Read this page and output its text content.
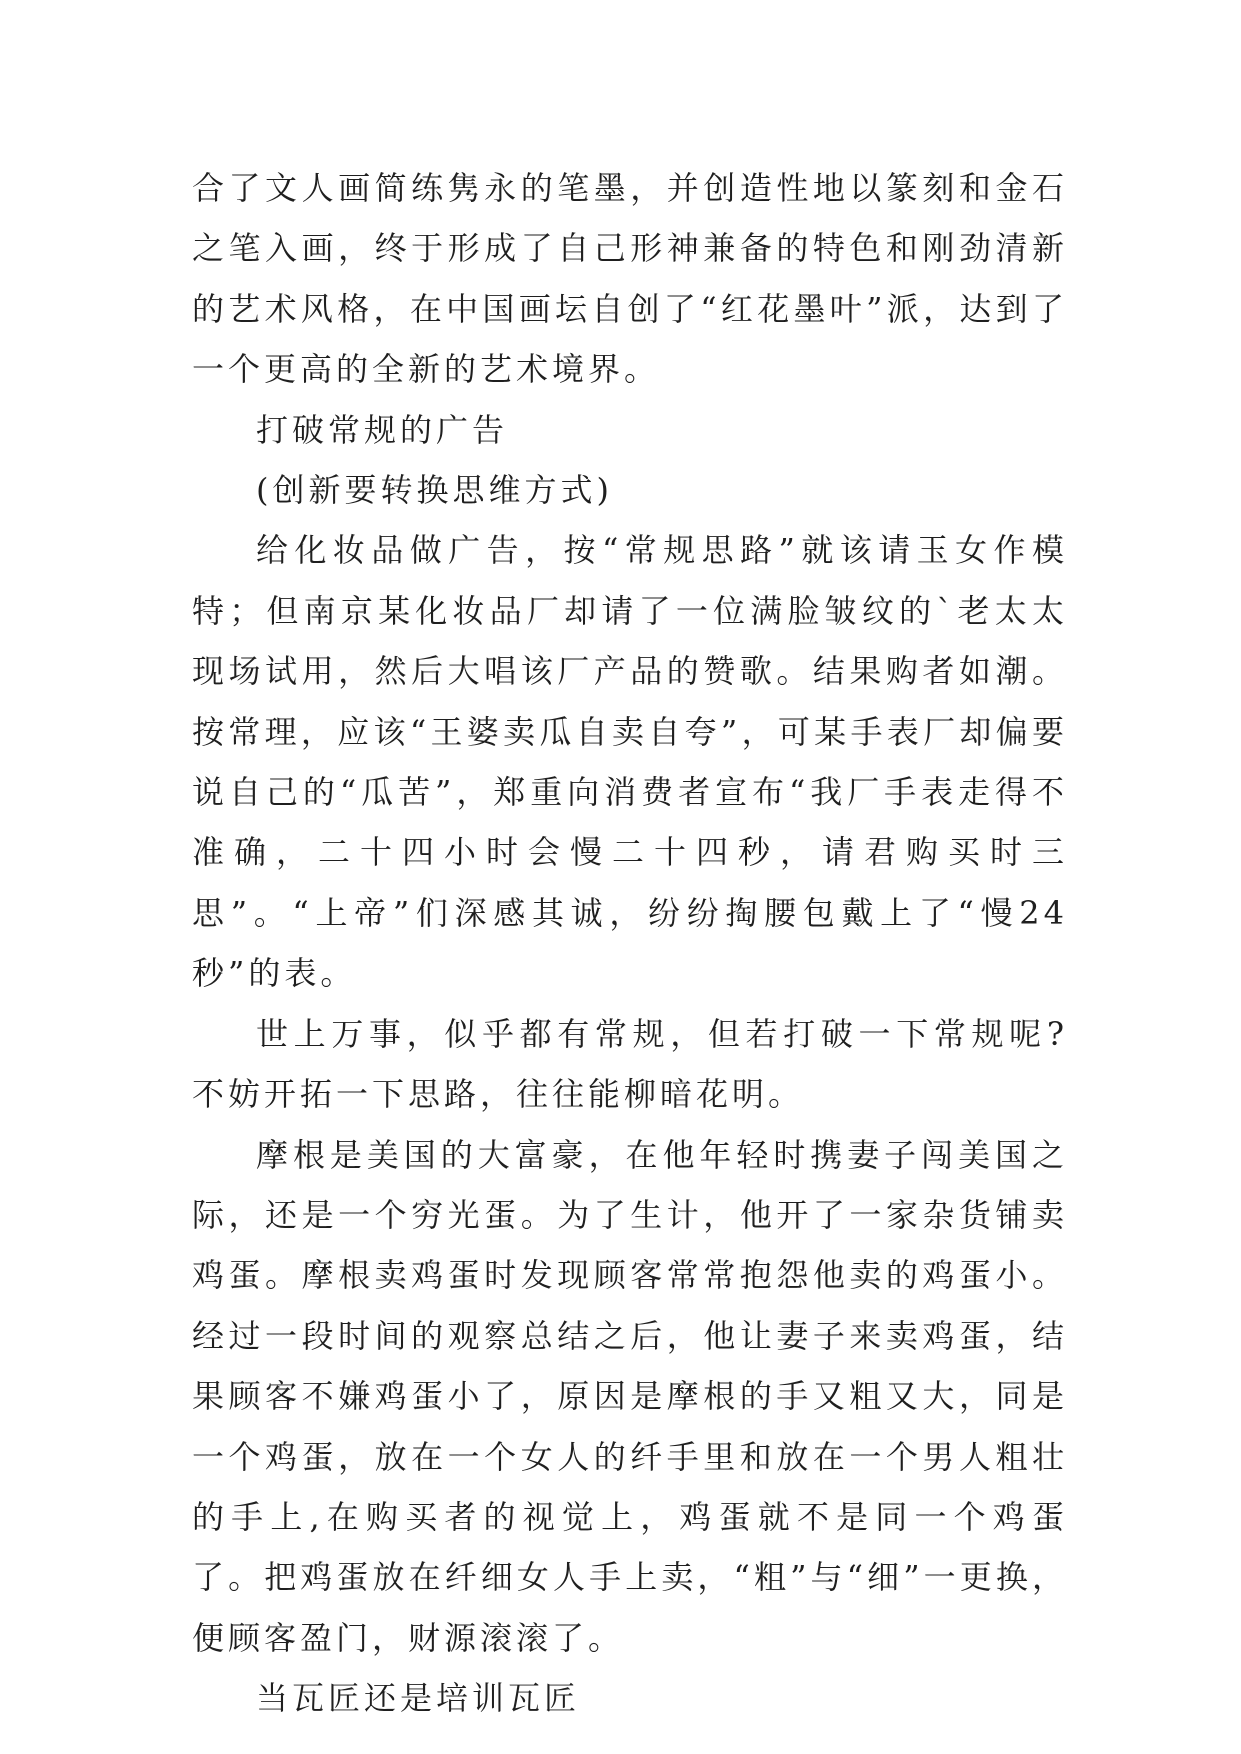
合了文人画简练隽永的笔墨，并创造性地以篆刻和金石之笔入画，终于形成了自己形神兼备的特色和刚劲清新的艺术风格，在中国画坛自创了“红花墨叶”派，达到了一个更高的全新的艺术境界。

打破常规的广告

(创新要转换思维方式)

给化妆品做广告，按“常规思路”就该请玉女作模特；但南京某化妆品厂却请了一位满脸皱纹的`老太太现场试用，然后大唱该厂产品的赞歌。结果购者如潮。按常理，应该“王婆卖瓜自卖自夸”，可某手表厂却偏要说自己的“瓜苦”，郑重向消费者宣布“我厂手表走得不准确，二十四小时会慢二十四秒，请君购买时三思”。“上帝”们深感其诚，纷纷掏腰包戴上了“慢24秒”的表。

世上万事，似乎都有常规，但若打破一下常规呢?不妨开拓一下思路，往往能柳暗花明。

摩根是美国的大富豪，在他年轻时携妻子闯美国之际，还是一个穷光蛋。为了生计，他开了一家杂货铺卖鸡蛋。摩根卖鸡蛋时发现顾客常常抱怨他卖的鸡蛋小。经过一段时间的观察总结之后，他让妻子来卖鸡蛋，结果顾客不嫌鸡蛋小了，原因是摩根的手又粗又大，同是一个鸡蛋，放在一个女人的纤手里和放在一个男人粗壮的手上,在购买者的视觉上，鸡蛋就不是同一个鸡蛋了。把鸡蛋放在纤细女人手上卖，“粗”与“细”一更换，便顾客盈门，财源滚滚了。

当瓦匠还是培训瓦匠
